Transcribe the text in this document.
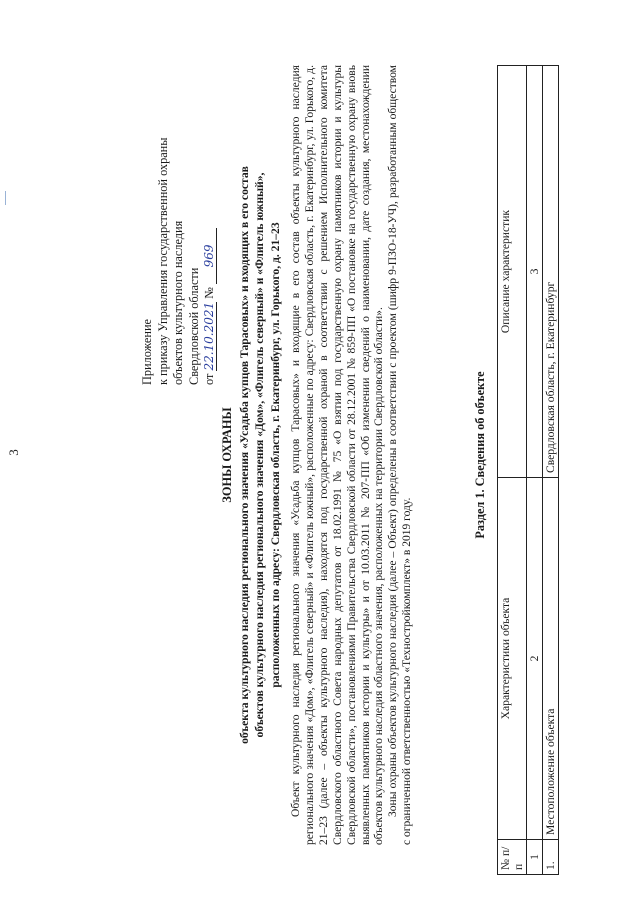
3
Приложение к приказу Управления государственной охраны объектов культурного наследия Свердловской области от 22.10.2021 № 969
ЗОНЫ ОХРАНЫ объекта культурного наследия регионального значения «Усадьба купцов Тарасовых» и входящих в его состав объектов культурного наследия регионального значения «Дом», «Флигель северный» и «Флигель южный», расположенных по адресу: Свердловская область, г. Екатеринбург, ул. Горького, д. 21–23 Объект культурного наследия регионального значения «Усадьба купцов Тарасовых» и входящие в его состав объекты культурного наследия регионального значения «Дом», «Флигель северный» и «Флигель южный», расположенные по адресу: Свердловская область, г. Екатеринбург, ул. Горького, д. 21–23 (далее – объекты культурного наследия), находятся под государственной охраной в соответствии с решением Исполнительного комитета Свердловского областного Совета народных депутатов от 18.02.1991 № 75 «О взятии под государственную охрану памятников истории и культуры Свердловской области», постановлениями Правительства Свердловской области от 28.12.2001 № 859-ПП «О постановке на государственную охрану вновь выявленных памятников истории и культуры» и от 10.03.2011 № 207-ПП «Об изменении сведений о наименовании, дате создания, местонахождении объектов культурного наследия областного значения, расположенных на территории Свердловской области». Зоны охраны объектов культурного наследия (далее – Объект) определены в соответствии с проектом (шифр 9-ПЗО-18-УЧ), разработанным обществом с ограниченной ответственностью «Техностройкомплект» в 2019 году.

Раздел 1. Сведения об объекте
№ п/п	Характеристики объекта	Описание характеристик
1	2	3
1.	Местоположение объекта	Свердловская область, г. Екатеринбург
